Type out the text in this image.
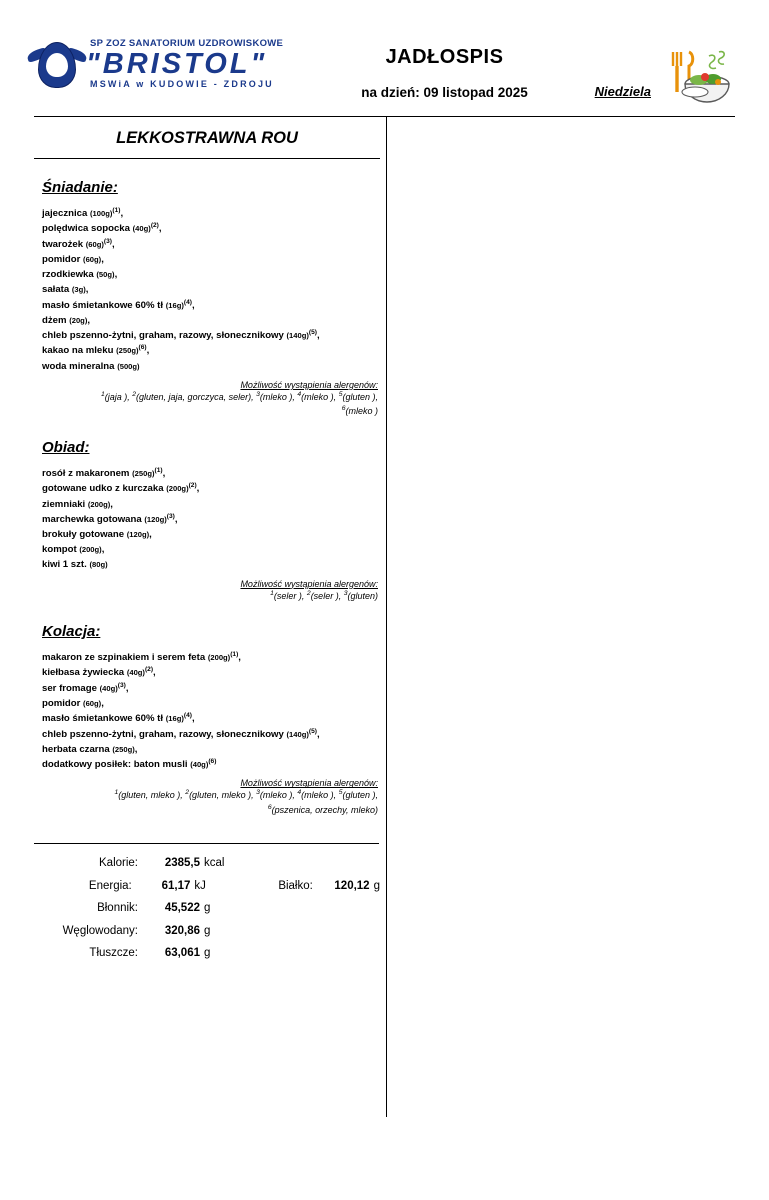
MSWiA
SP ZOZ SANATORIUM UZDROWISKOWE
"BRISTOL"
MSWiA w KUDOWIE - ZDROJU
JADŁOSPIS
na dzień: 09 listopad 2025	Niedziela
LEKKOSTRAWNA ROU
Śniadanie:
jajecznica $(100g)^{(1)}$,
polędwica sopocka $(40g)^{(2)}$,
twarożek $(60g)^{(3)}$,
pomidor (60g),
rzodkiewka (50g),
sałata (3g),
masło śmietankowe 60% tł $(16g)^{(4)}$,
dżem (20g),
chleb pszenno-żytni, graham, razowy, słonecznikowy $(140g)^{(5)}$,
kakao na mleku $(250g)^{(6)}$,
woda mineralna (500g)
Możliwość wystąpienia alergenów:
$^1$(jaja ), $^2$(gluten, jaja, gorczyca, seler), $^3$(mleko ), $^4$(mleko ), $^5$(gluten ),
$^6$(mleko )
Obiad:
rosół z makaronem $(250g)^{(1)}$,
gotowane udko z kurczaka $(200g)^{(2)}$,
ziemniaki (200g),
marchewka gotowana $(120g)^{(3)}$,
brokuły gotowane (120g),
kompot (200g),
kiwi 1 szt. (80g)
Możliwość wystąpienia alergenów:
$^1$(seler ), $^2$(seler ), $^3$(gluten)
Kolacja:
makaron ze szpinakiem i serem feta $(200g)^{(1)}$,
kiełbasa żywiecka $(40g)^{(2)}$,
ser fromage $(40g)^{(3)}$,
pomidor (60g),
masło śmietankowe 60% tł $(16g)^{(4)}$,
chleb pszenno-żytni, graham, razowy, słonecznikowy $(140g)^{(5)}$,
herbata czarna (250g),
dodatkowy posiłek: baton musli $(40g)^{(6)}$
Możliwość wystąpienia alergenów:
$^1$(gluten, mleko ), $^2$(gluten, mleko ), $^3$(mleko ), $^4$(mleko ), $^5$(gluten ),
$^6$(pszenica, orzechy, mleko)
Kalorie:	2385,5 kcal
Energia:	61,17 kJ	Białko:	120,12 g
Błonnik:	45,522 g
Węglowodany:	320,86 g
Tłuszcze:	63,061 g
